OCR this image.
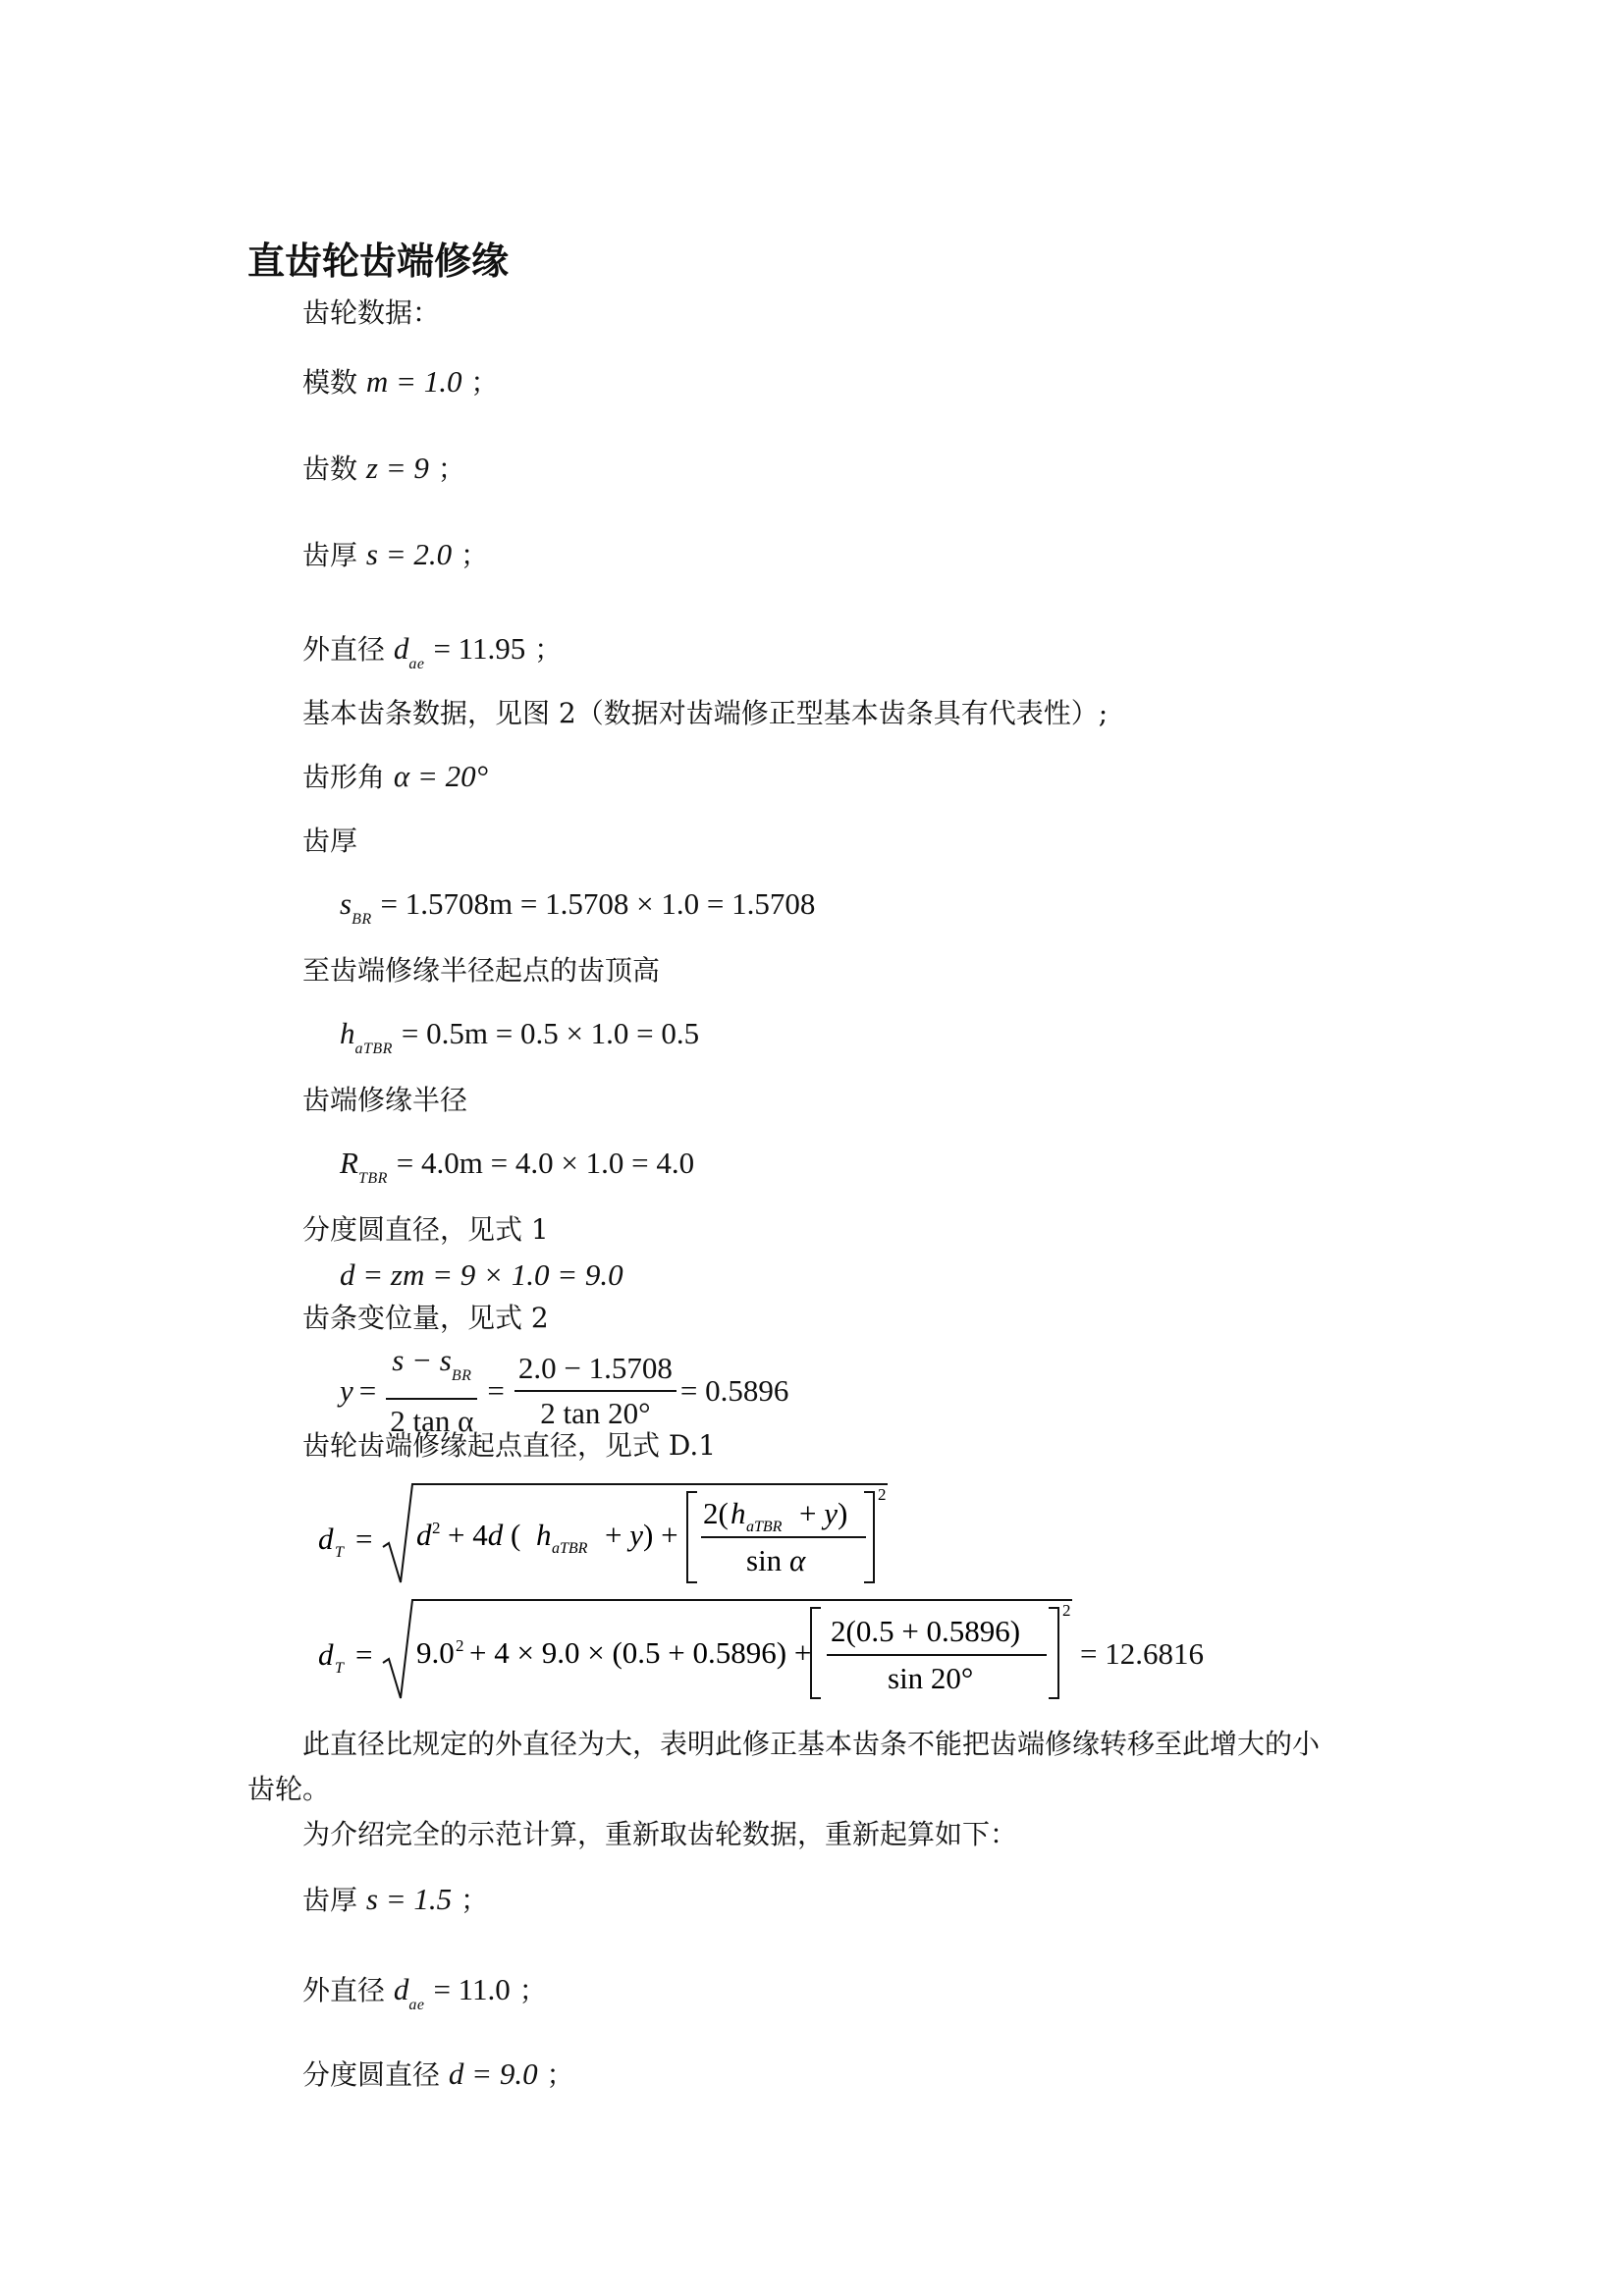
直齿轮齿端修缘
齿轮数据：
模数 m = 1.0 ；
齿数 z = 9 ；
齿厚 s = 2.0 ；
外直径 $d_{ae} = 11.95$ ；
基本齿条数据，见图 2（数据对齿端修正型基本齿条具有代表性）;
齿形角 α = 20°
齿厚
$s_{BR} = 1.5708m = 1.5708 \times 1.0 = 1.5708$
至齿端修缘半径起点的齿顶高
$h_{aTBR} = 0.5m = 0.5 \times 1.0 = 0.5$
齿端修缘半径
$R_{TBR} = 4.0m = 4.0 \times 1.0 = 4.0$
分度圆直径，见式 1
d = zm = 9 × 1.0 = 9.0
齿条变位量，见式 2
$y = \frac{s - s_{BR}}{\text{2 tan α}} = \frac{2.0 - 1.5708}{2 \tan 20^\circ} = 0.5896$
齿轮齿端修缘起点直径，见式 D.1
d T = d 2 + 4d ( h aTBR + y) +
2( h aTBR + y)
sin α
2
d T = 9.0 2 + 4 × 9.0 × (0.5 + 0.5896) +
2(0.5 + 0.5896)
sin 20°
2
= 12.6816
此直径比规定的外直径为大，表明此修正基本齿条不能把齿端修缘转移至此增大的小
齿轮。
为介绍完全的示范计算，重新取齿轮数据，重新起算如下：
齿厚 s = 1.5 ；
外直径 $d_{ae} = 11.0$ ；
分度圆直径 d = 9.0 ；
